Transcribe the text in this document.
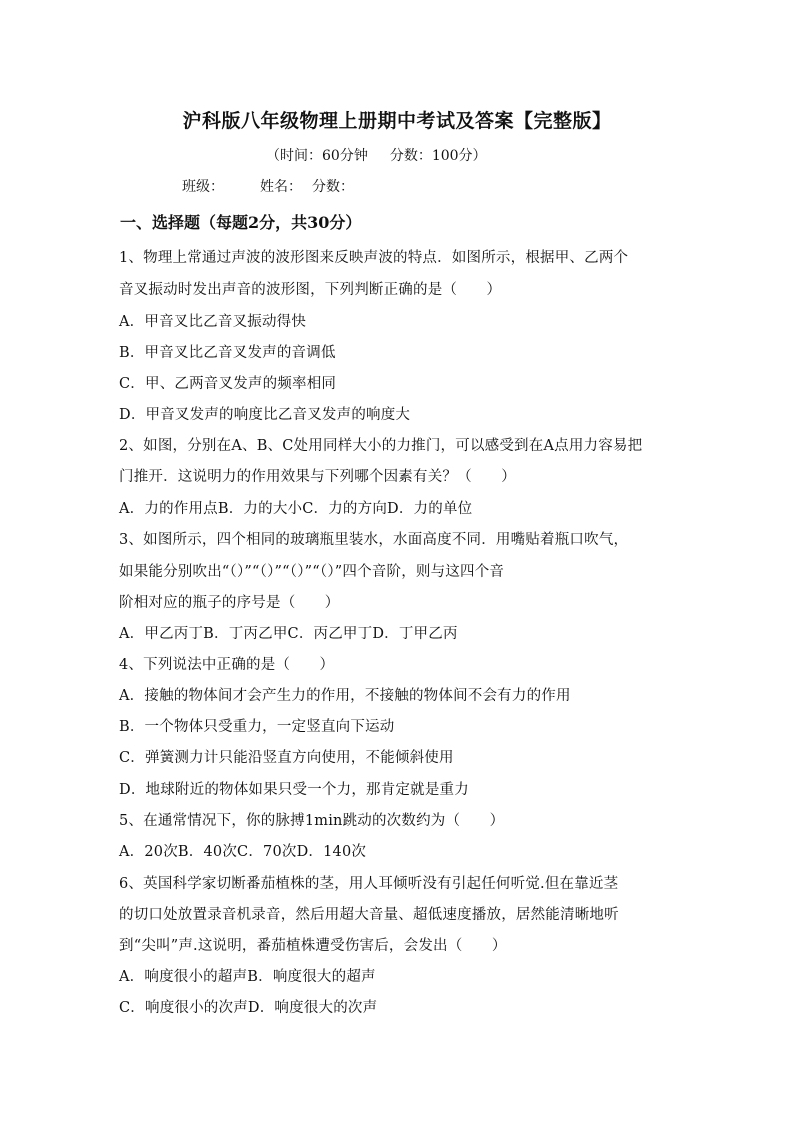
沪科版八年级物理上册期中考试及答案【完整版】
（时间：60分钟 分数：100分）
班级：	姓名： 分数：
一、选择题（每题2分，共30分）
1、物理上常通过声波的波形图来反映声波的特点．如图所示，根据甲、乙两个
音叉振动时发出声音的波形图，下列判断正确的是（　　）
A．甲音叉比乙音叉振动得快
B．甲音叉比乙音叉发声的音调低
C．甲、乙两音叉发声的频率相同
D．甲音叉发声的响度比乙音叉发声的响度大
2、如图，分别在A、B、C处用同样大小的力推门，可以感受到在A点用力容易把
门推开．这说明力的作用效果与下列哪个因素有关？（　　）
A．力的作用点B．力的大小C．力的方向D．力的单位
3、如图所示，四个相同的玻璃瓶里装水，水面高度不同．用嘴贴着瓶口吹气，
如果能分别吹出“（）”“（）”“（）”“（）”四个音阶，则与这四个音
阶相对应的瓶子的序号是（　　）
A．甲乙丙丁B．丁丙乙甲C．丙乙甲丁D．丁甲乙丙
4、下列说法中正确的是（　　）
A．接触的物体间才会产生力的作用，不接触的物体间不会有力的作用
B．一个物体只受重力，一定竖直向下运动
C．弹簧测力计只能沿竖直方向使用，不能倾斜使用
D．地球附近的物体如果只受一个力，那肯定就是重力
5、在通常情况下，你的脉搏1min跳动的次数约为（　　）
A．20次B．40次C．70次D．140次
6、英国科学家切断番茄植株的茎，用人耳倾听没有引起任何听觉.但在靠近茎
的切口处放置录音机录音，然后用超大音量、超低速度播放，居然能清晰地听
到“尖叫”声.这说明，番茄植株遭受伤害后，会发出（　　）
A．响度很小的超声B．响度很大的超声
C．响度很小的次声D．响度很大的次声
